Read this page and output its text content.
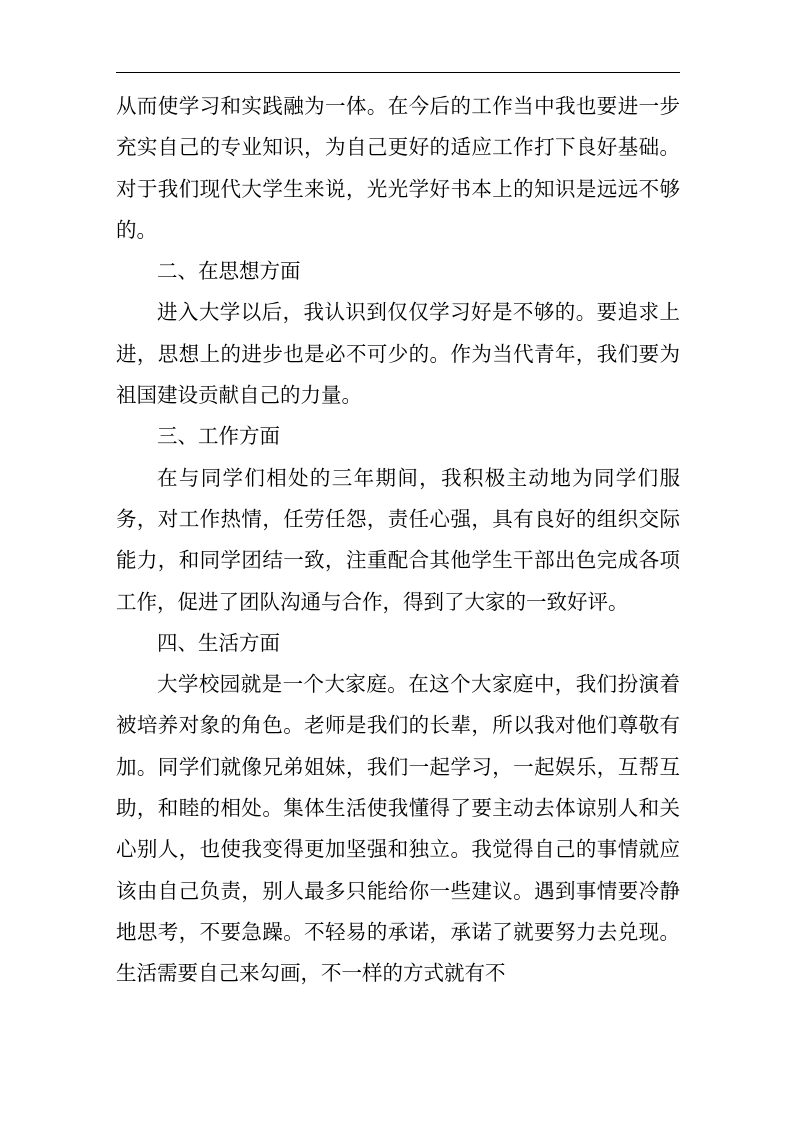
从而使学习和实践融为一体。在今后的工作当中我也要进一步充实自己的专业知识，为自己更好的适应工作打下良好基础。对于我们现代大学生来说，光光学好书本上的知识是远远不够的。

二、在思想方面

进入大学以后，我认识到仅仅学习好是不够的。要追求上进，思想上的进步也是必不可少的。作为当代青年，我们要为祖国建设贡献自己的力量。

三、工作方面

在与同学们相处的三年期间，我积极主动地为同学们服务，对工作热情，任劳任怨，责任心强，具有良好的组织交际能力，和同学团结一致，注重配合其他学生干部出色完成各项工作，促进了团队沟通与合作，得到了大家的一致好评。

四、生活方面

大学校园就是一个大家庭。在这个大家庭中，我们扮演着被培养对象的角色。老师是我们的长辈，所以我对他们尊敬有加。同学们就像兄弟姐妹，我们一起学习，一起娱乐，互帮互助，和睦的相处。集体生活使我懂得了要主动去体谅别人和关心别人，也使我变得更加坚强和独立。我觉得自己的事情就应该由自己负责，别人最多只能给你一些建议。遇到事情要冷静地思考，不要急躁。不轻易的承诺，承诺了就要努力去兑现。生活需要自己来勾画，不一样的方式就有不
